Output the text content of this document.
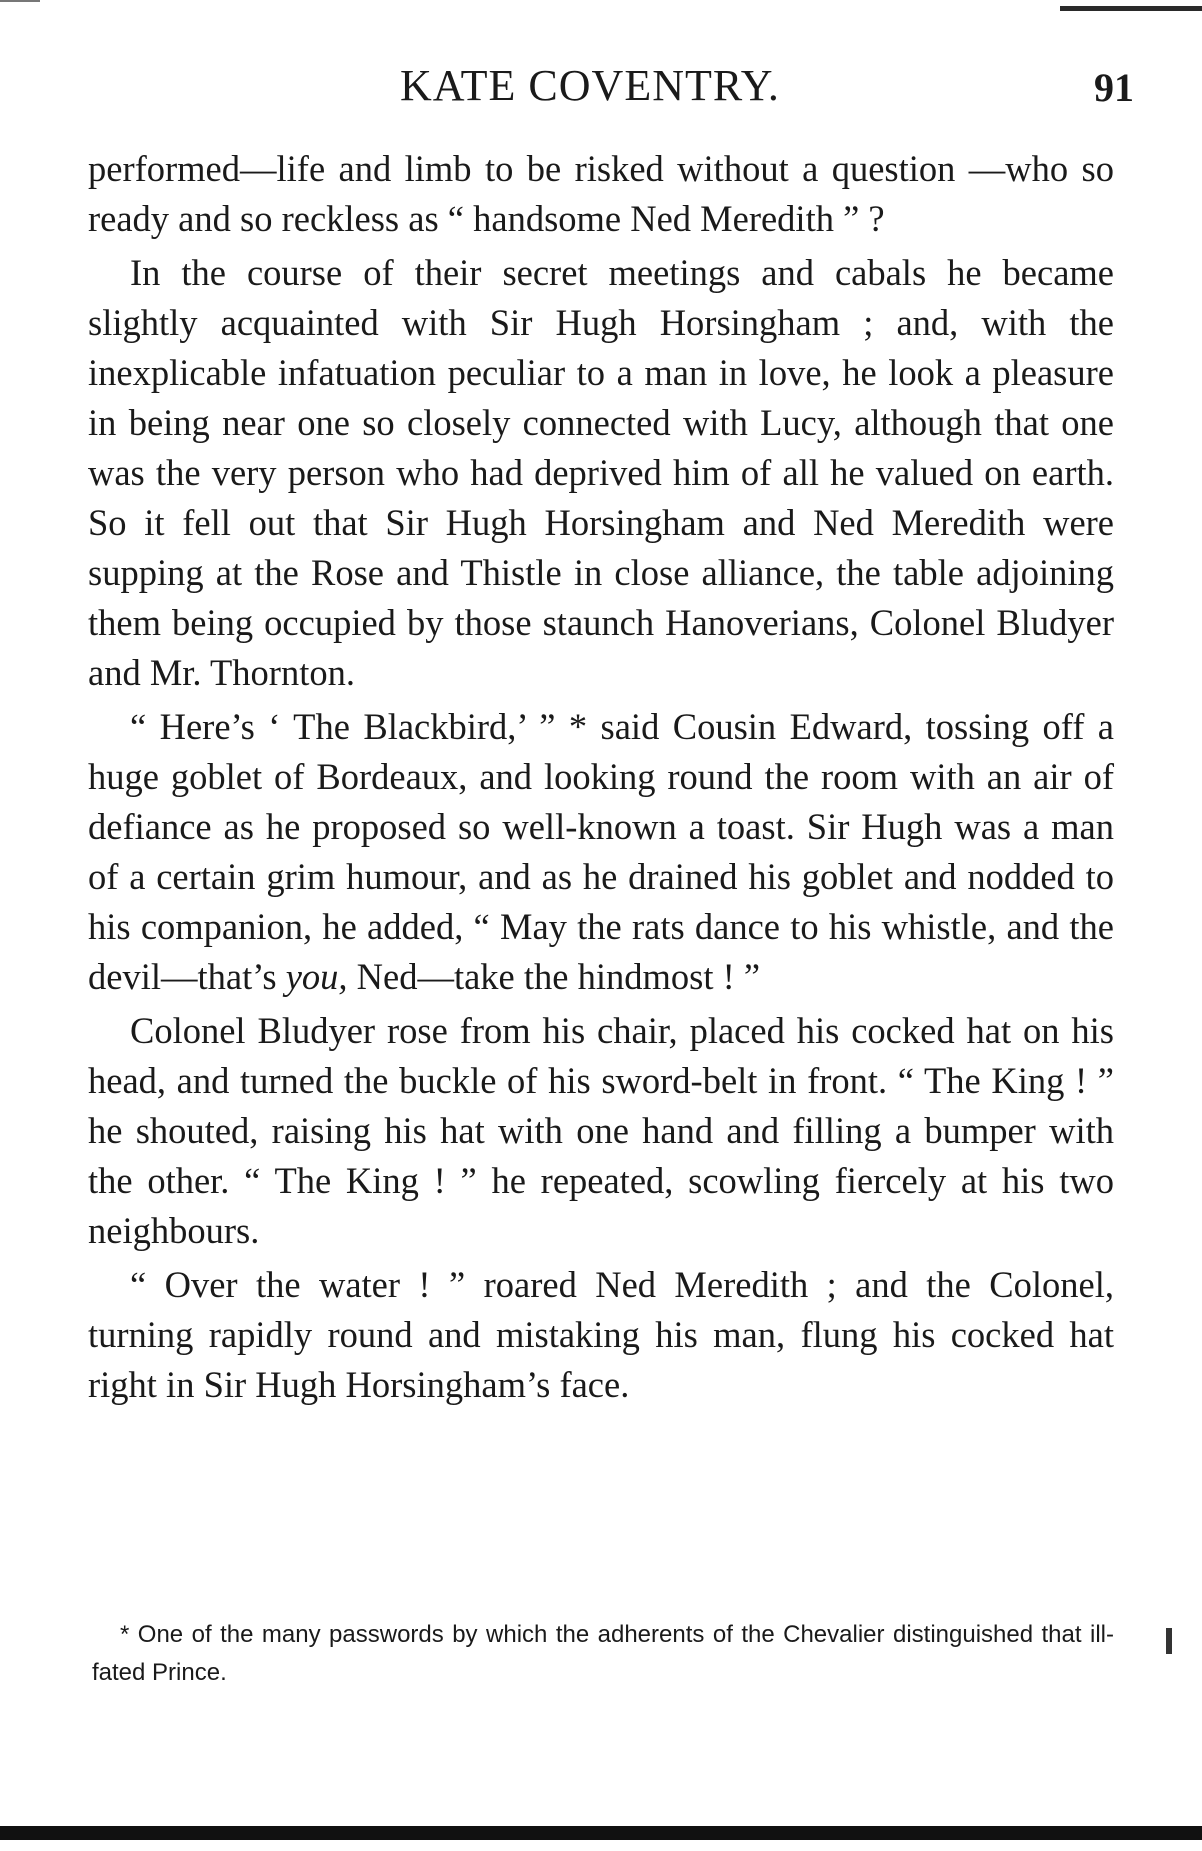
KATE COVENTRY.	91

performed—life and limb to be risked without a question —who so ready and so reckless as “ handsome Ned Meredith ” ?

In the course of their secret meetings and cabals he became slightly acquainted with Sir Hugh Horsingham ; and, with the inexplicable infatuation peculiar to a man in love, he look a pleasure in being near one so closely connected with Lucy, although that one was the very person who had deprived him of all he valued on earth. So it fell out that Sir Hugh Horsingham and Ned Meredith were supping at the Rose and Thistle in close alliance, the table adjoining them being occupied by those staunch Hanoverians, Colonel Bludyer and Mr. Thornton.

“ Here’s ‘ The Blackbird,’ ” * said Cousin Edward, tossing off a huge goblet of Bordeaux, and looking round the room with an air of defiance as he proposed so well-known a toast. Sir Hugh was a man of a certain grim humour, and as he drained his goblet and nodded to his companion, he added, “ May the rats dance to his whistle, and the devil—that’s you, Ned—take the hindmost ! ”

Colonel Bludyer rose from his chair, placed his cocked hat on his head, and turned the buckle of his sword-belt in front. “ The King ! ” he shouted, raising his hat with one hand and filling a bumper with the other. “ The King ! ” he repeated, scowling fiercely at his two neighbours.

“ Over the water ! ” roared Ned Meredith ; and the Colonel, turning rapidly round and mistaking his man, flung his cocked hat right in Sir Hugh Horsingham’s face.

* One of the many passwords by which the adherents of the Chevalier distinguished that ill-fated Prince.
